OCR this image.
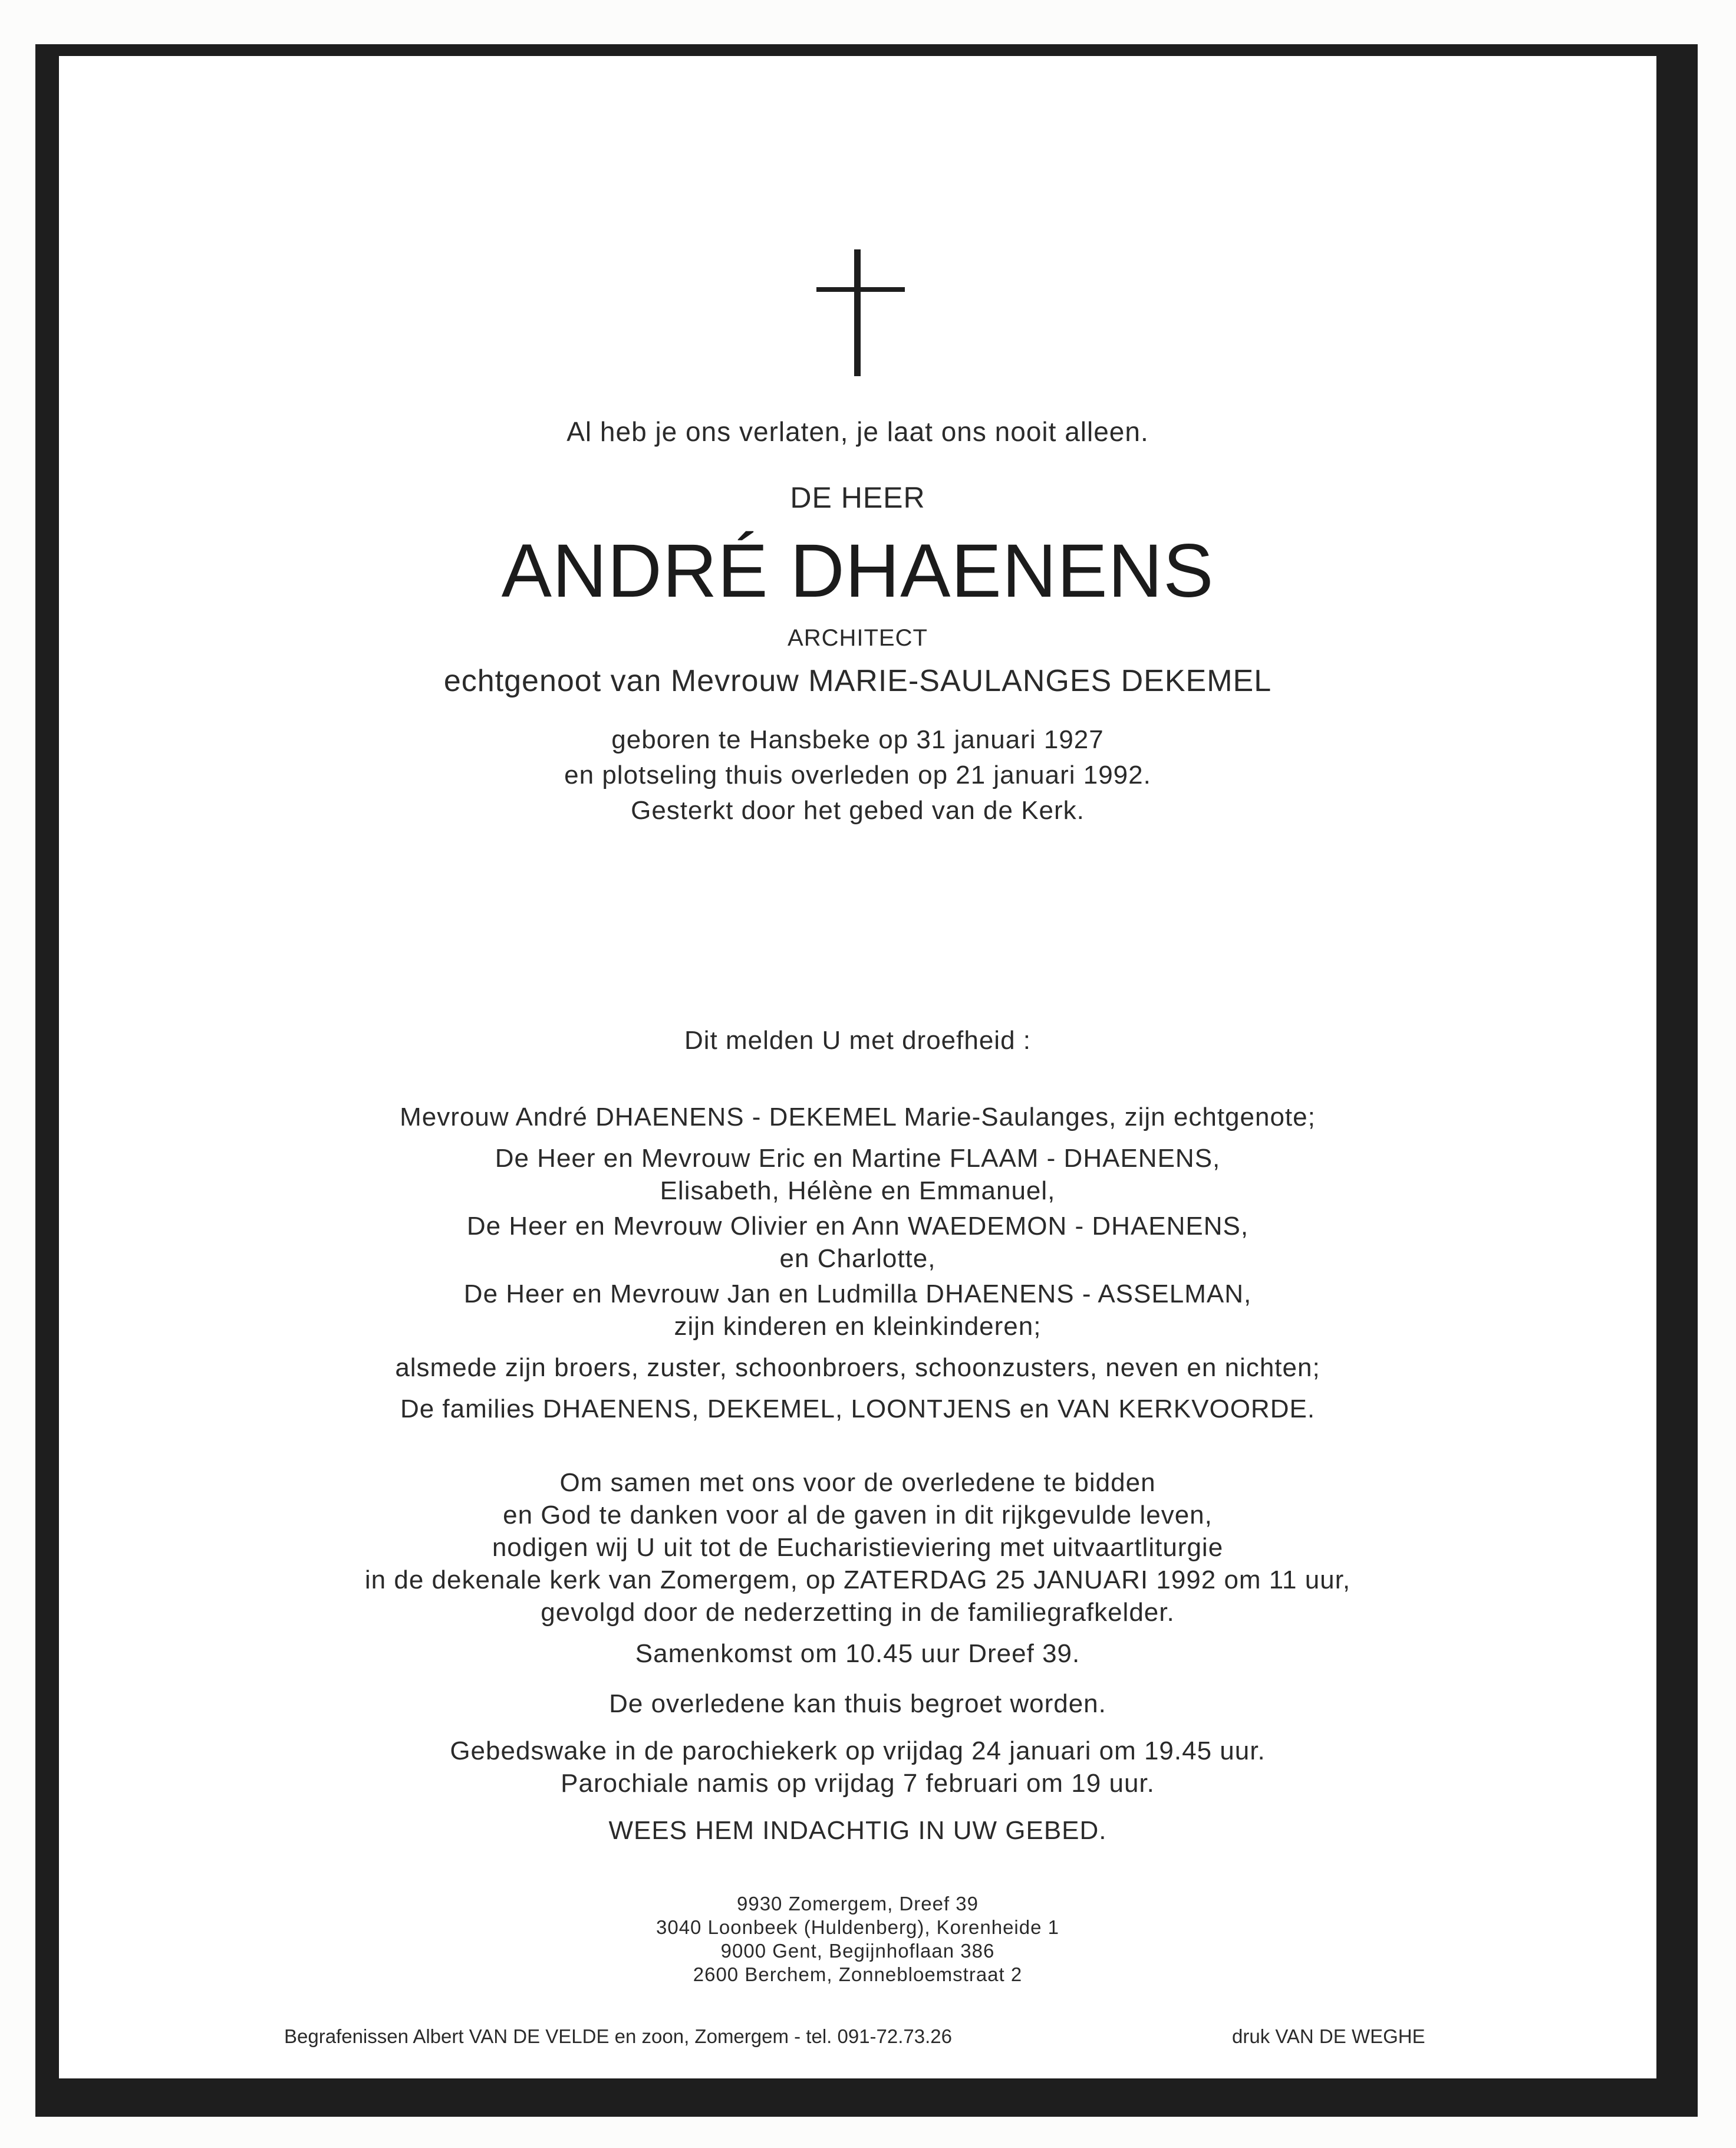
Al heb je ons verlaten, je laat ons nooit alleen.
DE HEER
ANDRÉ DHAENENS
ARCHITECT
echtgenoot van Mevrouw MARIE-SAULANGES DEKEMEL
geboren te Hansbeke op 31 januari 1927
en plotseling thuis overleden op 21 januari 1992.
Gesterkt door het gebed van de Kerk.
Dit melden U met droefheid :
Mevrouw André DHAENENS - DEKEMEL Marie-Saulanges, zijn echtgenote;
De Heer en Mevrouw Eric en Martine FLAAM - DHAENENS,
Elisabeth, Hélène en Emmanuel,
De Heer en Mevrouw Olivier en Ann WAEDEMON - DHAENENS,
en Charlotte,
De Heer en Mevrouw Jan en Ludmilla DHAENENS - ASSELMAN,
zijn kinderen en kleinkinderen;
alsmede zijn broers, zuster, schoonbroers, schoonzusters, neven en nichten;
De families DHAENENS, DEKEMEL, LOONTJENS en VAN KERKVOORDE.
Om samen met ons voor de overledene te bidden
en God te danken voor al de gaven in dit rijkgevulde leven,
nodigen wij U uit tot de Eucharistieviering met uitvaartliturgie
in de dekenale kerk van Zomergem, op ZATERDAG 25 JANUARI 1992 om 11 uur,
gevolgd door de nederzetting in de familiegrafkelder.
Samenkomst om 10.45 uur Dreef 39.
De overledene kan thuis begroet worden.
Gebedswake in de parochiekerk op vrijdag 24 januari om 19.45 uur.
Parochiale namis op vrijdag 7 februari om 19 uur.
WEES HEM INDACHTIG IN UW GEBED.
9930 Zomergem, Dreef 39
3040 Loonbeek (Huldenberg), Korenheide 1
9000 Gent, Begijnhoflaan 386
2600 Berchem, Zonnebloemstraat 2
Begrafenissen Albert VAN DE VELDE en zoon, Zomergem - tel. 091-72.73.26	druk VAN DE WEGHE
